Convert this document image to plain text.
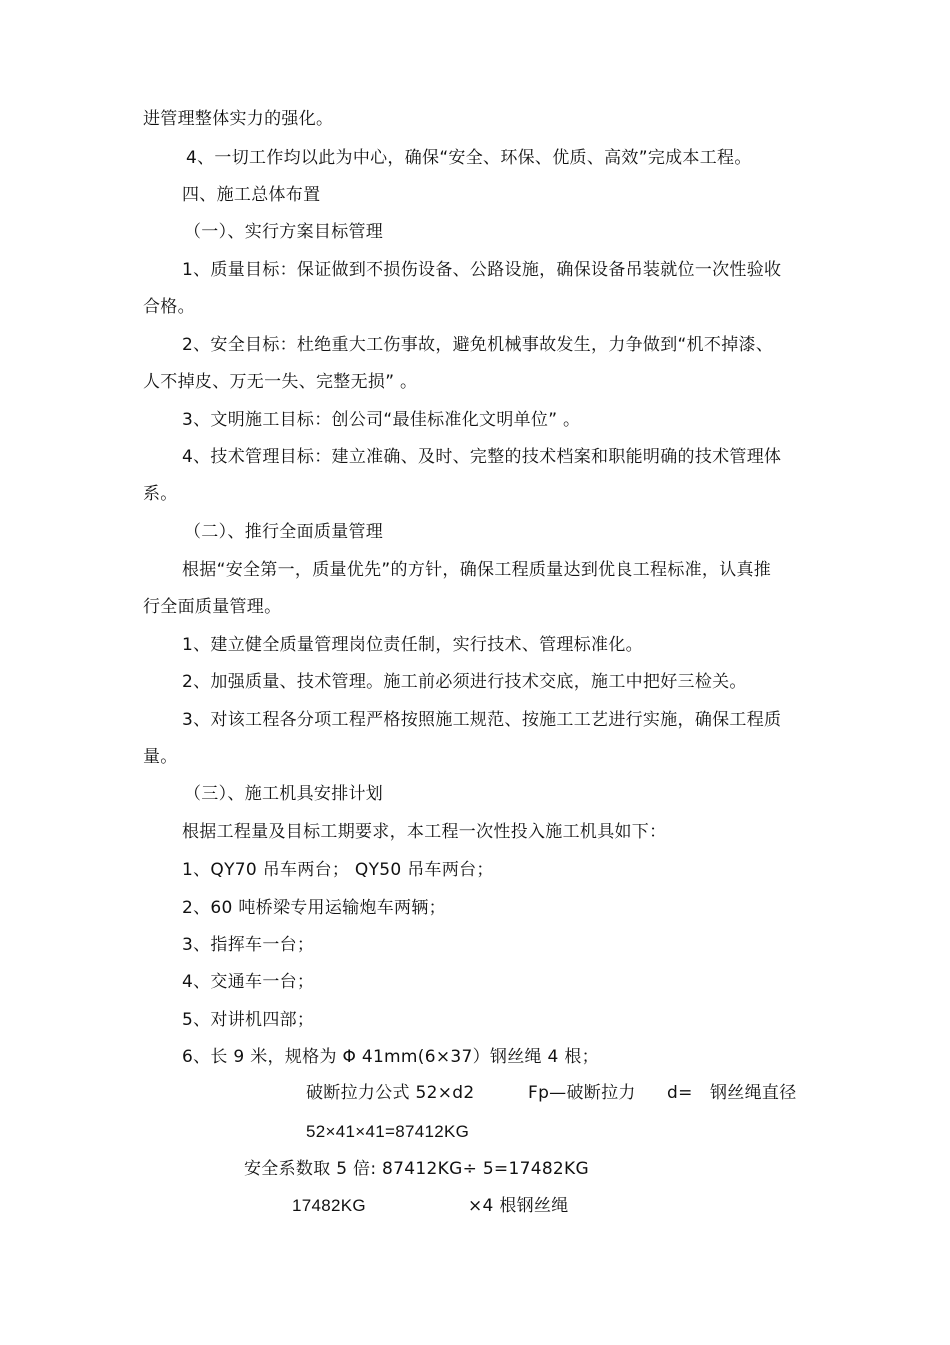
进管理整体实力的强化。

4、一切工作均以此为中心，确保“安全、环保、优质、高效”完成本工程。

四、施工总体布置

（一）、实行方案目标管理

1、质量目标：保证做到不损伤设备、公路设施，确保设备吊装就位一次性验收

合格。

2、安全目标：杜绝重大工伤事故，避免机械事故发生，力争做到“机不掉漆、

人不掉皮、万无一失、完整无损” 。

3、文明施工目标：创公司“最佳标准化文明单位” 。

4、技术管理目标：建立准确、及时、完整的技术档案和职能明确的技术管理体

系。

（二）、推行全面质量管理

根据“安全第一，质量优先”的方针，确保工程质量达到优良工程标准，认真推

行全面质量管理。

1、建立健全质量管理岗位责任制，实行技术、管理标准化。

2、加强质量、技术管理。施工前必须进行技术交底，施工中把好三检关。

3、对该工程各分项工程严格按照施工规范、按施工工艺进行实施，确保工程质

量。

（三）、施工机具安排计划

根据工程量及目标工期要求，本工程一次性投入施工机具如下：

1、QY70 吊车两台； QY50 吊车两台；

2、60 吨桥梁专用运输炮车两辆；

3、指挥车一台；

4、交通车一台；

5、对讲机四部；

6、长 9 米，规格为 Φ 41mm(6×37）钢丝绳 4 根；

破断拉力公式 52×d2	Fp—破断拉力 d= 钢丝绳直径
52×41×41=87412KG
安全系数取 5 倍: 87412KG÷ 5=17482KG
17482KG	×4 根钢丝绳
